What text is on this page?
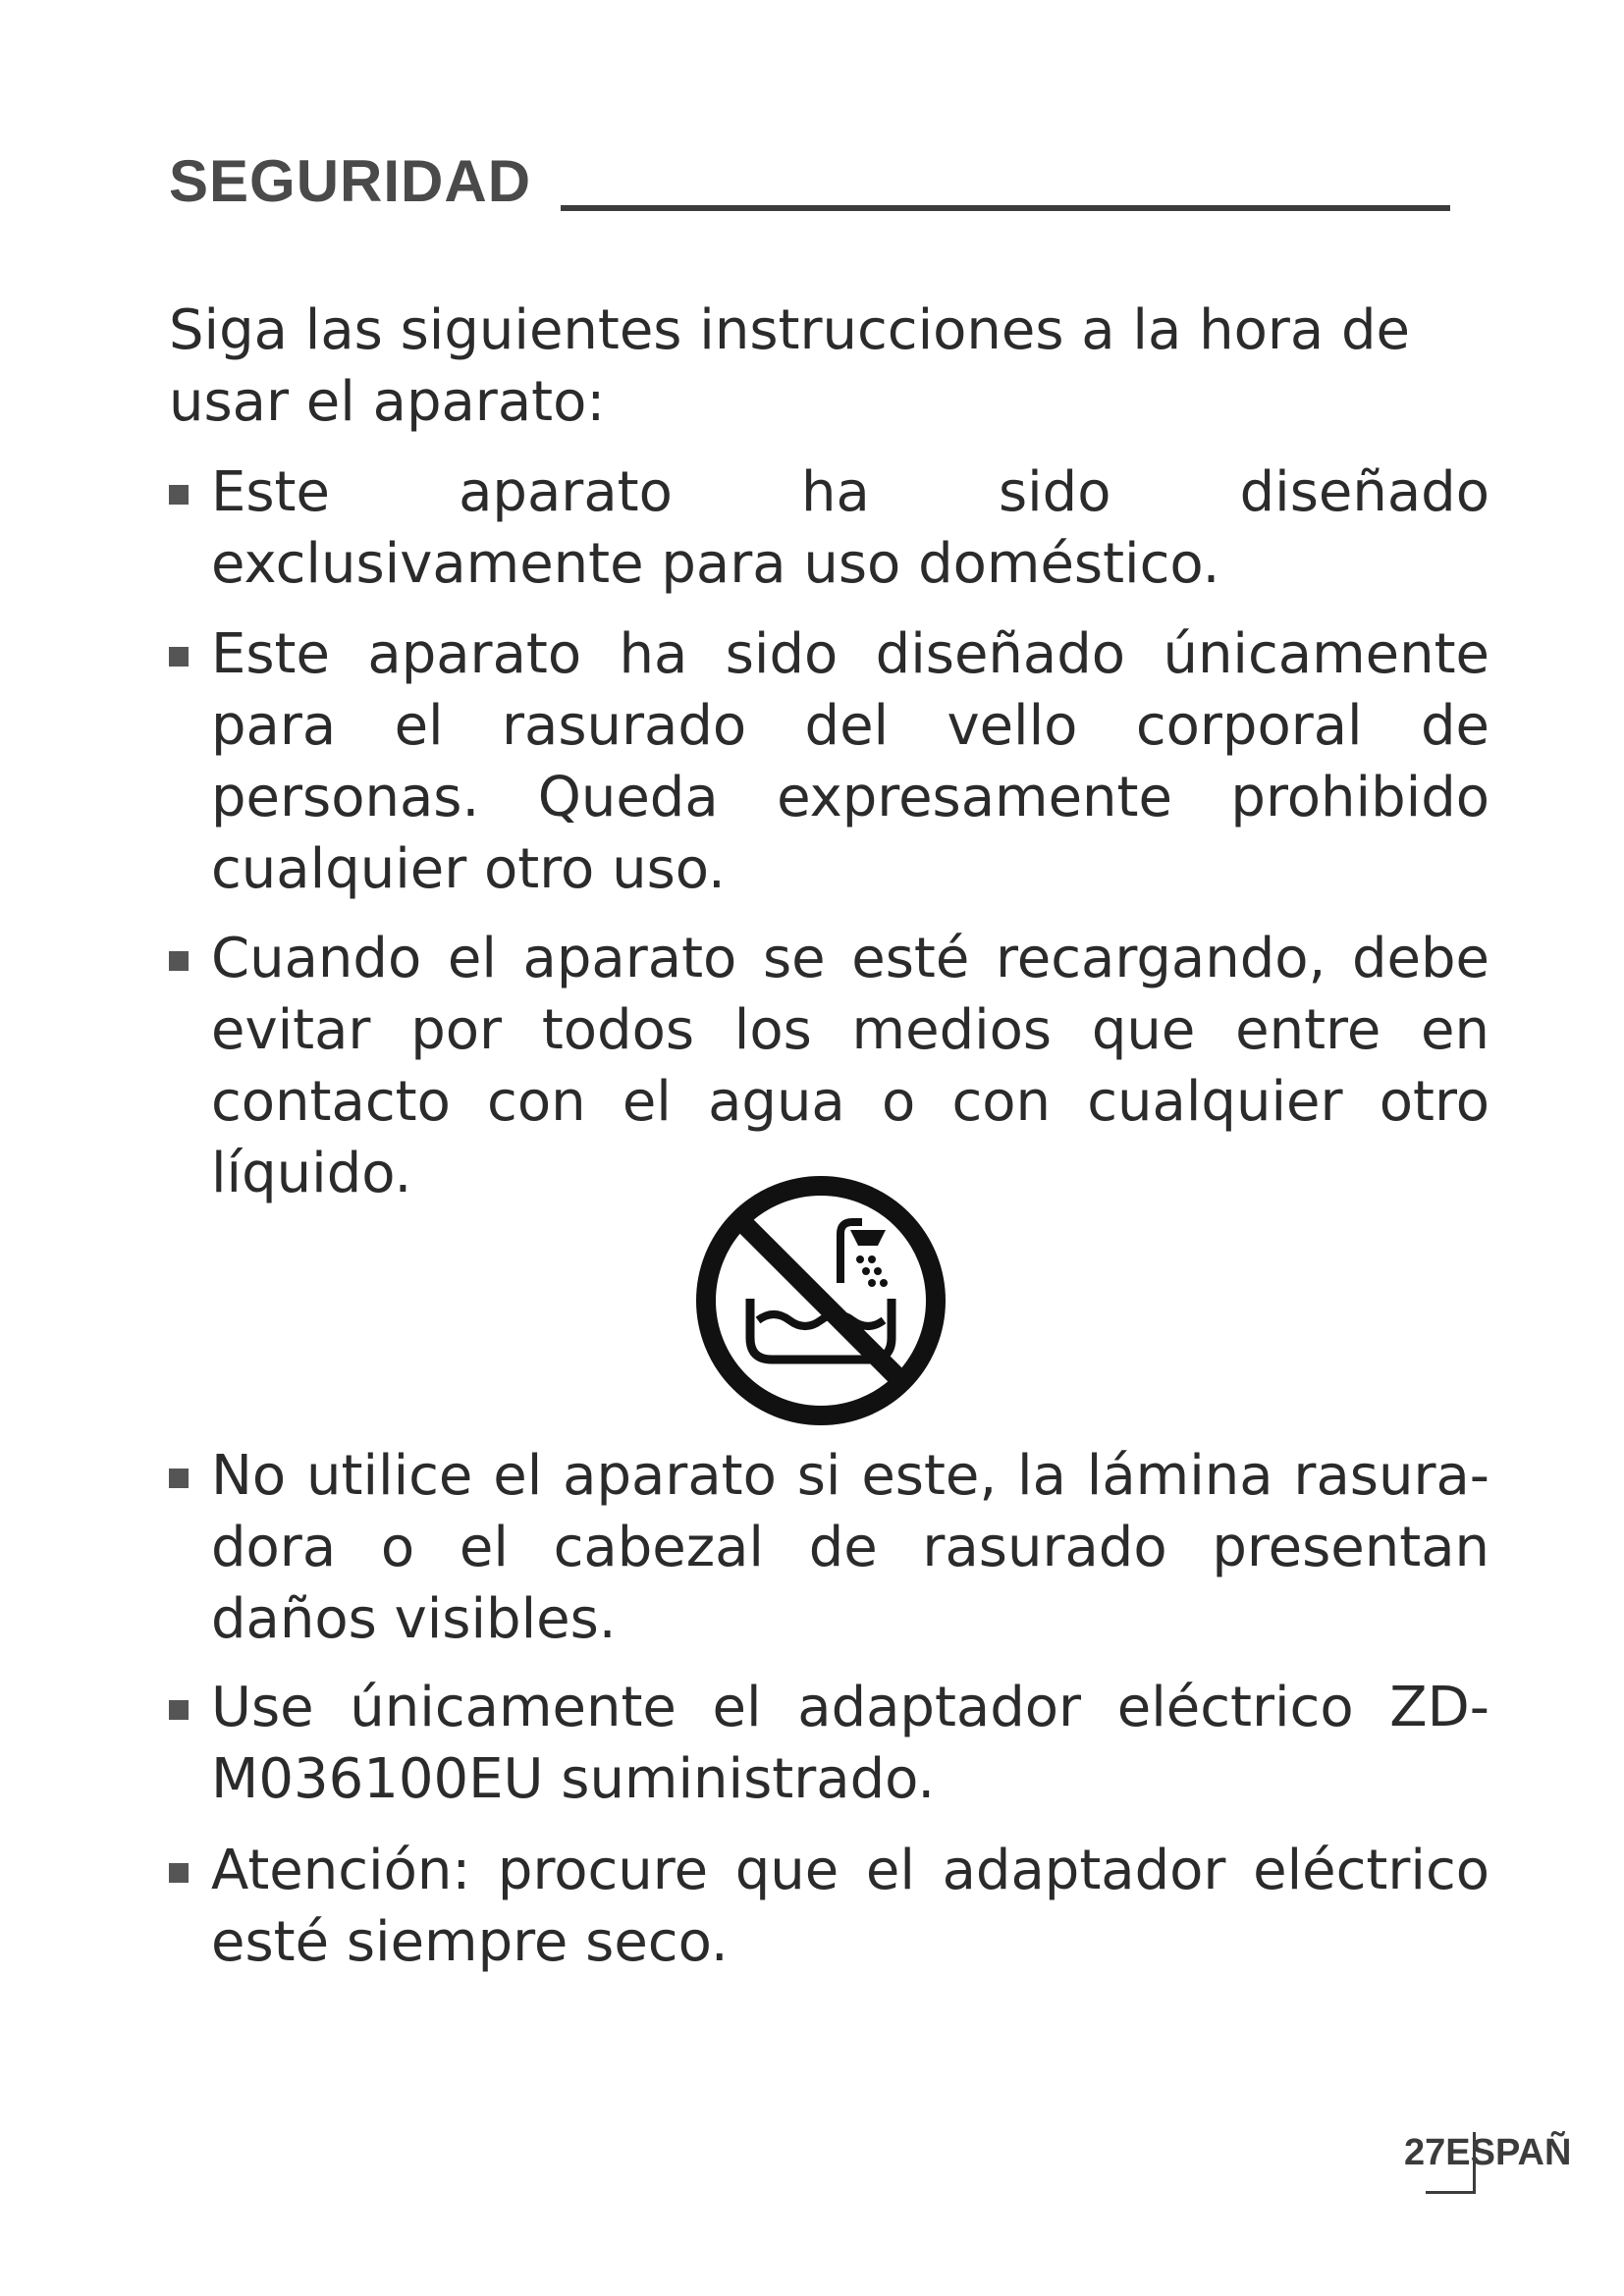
SEGURIDAD

Siga las siguientes instrucciones a la hora de usar el aparato:

Este aparato ha sido diseñado exclusivamente para uso doméstico.
Este aparato ha sido diseñado únicamente para el rasurado del vello corporal de personas. Queda expresamente prohibido cualquier otro uso.
Cuando el aparato se esté recargando, debe evitar por todos los medios que entre en contacto con el agua o con cualquier otro líquido.
No utilice el aparato si este, la lámina rasuradora o el cabezal de rasurado presentan daños visibles.
Use únicamente el adaptador eléctrico ZD-M036100EU suministrado.
Atención: procure que el adaptador eléctrico esté siempre seco.
27 ESPAÑ
